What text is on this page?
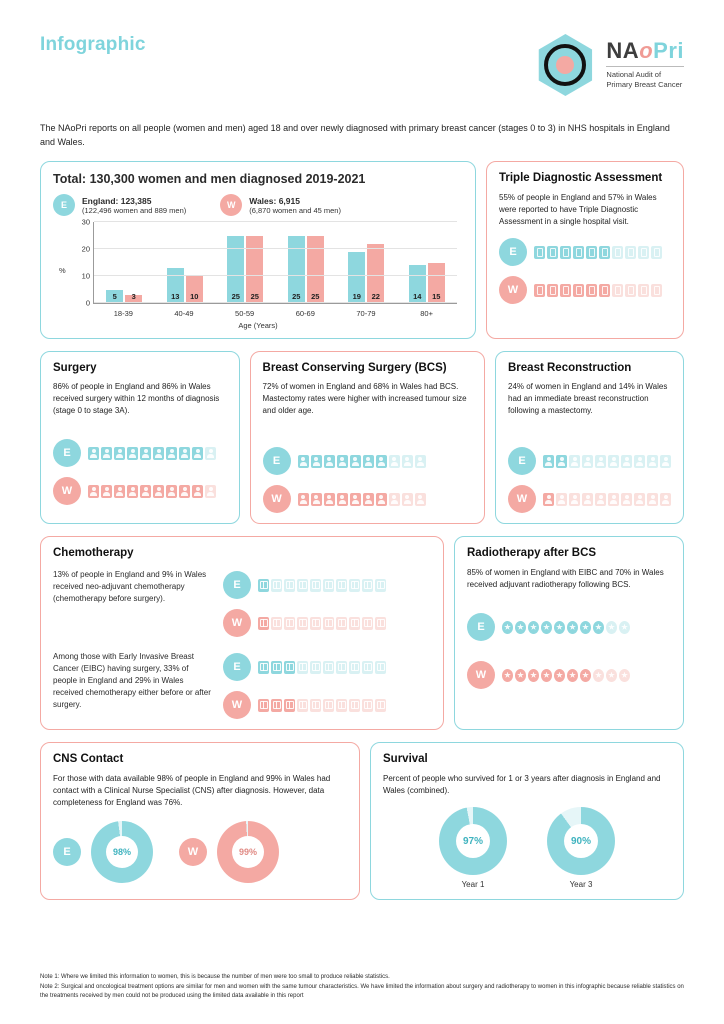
Infographic	NAoPri
National Audit of
Primary Breast Cancer
The NAoPri reports on all people (women and men) aged 18 and over newly diagnosed with primary breast cancer (stages 0 to 3) in NHS hospitals in England and Wales.
Total: 130,300 women and men diagnosed 2019-2021
E	England: 123,385
(122,496 women and 889 men)	W	Wales: 6,915
(6,870 women and 45 men)
%
5	3	13	10	25	25	25	25	19	22	14	15
0
10
20
30
18-39	40-49	50-59	60-69	70-79	80+
Age (Years)
Triple Diagnostic Assessment
55% of people in England and 57% in Wales were reported to have Triple Diagnostic Assessment in a single hospital visit.
E
W
Surgery
86% of people in England and 86% in Wales received surgery within 12 months of diagnosis (stage 0 to stage 3A).
E
W
Breast Conserving Surgery (BCS)
72% of women in England and 68% in Wales had BCS. Mastectomy rates were higher with increased tumour size and older age.
E
W
Breast Reconstruction
24% of women in England and 14% in Wales had an immediate breast reconstruction following a mastectomy.
E
W
Chemotherapy
13% of people in England and 9% in Wales received neo-adjuvant chemotherapy (chemotherapy before surgery).
E
W
Among those with Early Invasive Breast Cancer (EIBC) having surgery, 33% of people in England and 29% in Wales received chemotherapy either before or after surgery.
E
W
Radiotherapy after BCS
85% of women in England with EIBC and 70% in Wales received adjuvant radiotherapy following BCS.
E
W
CNS Contact
For those with data available 98% of people in England and 99% in Wales had contact with a Clinical Nurse Specialist (CNS) after diagnosis. However, data completeness for England was 76%.
E	98%	W	99%
Survival
Percent of people who survived for 1 or 3 years after diagnosis in England and Wales (combined).
97%
Year 1
90%
Year 3
Note 1: Where we limited this information to women, this is because the number of men were too small to produce reliable statistics.
Note 2: Surgical and oncological treatment options are similar for men and women with the same tumour characteristics. We have limited the information about surgery and radiotherapy to women in this infographic because reliable statistics on the treatments received by men could not be produced using the limited data available in this report
